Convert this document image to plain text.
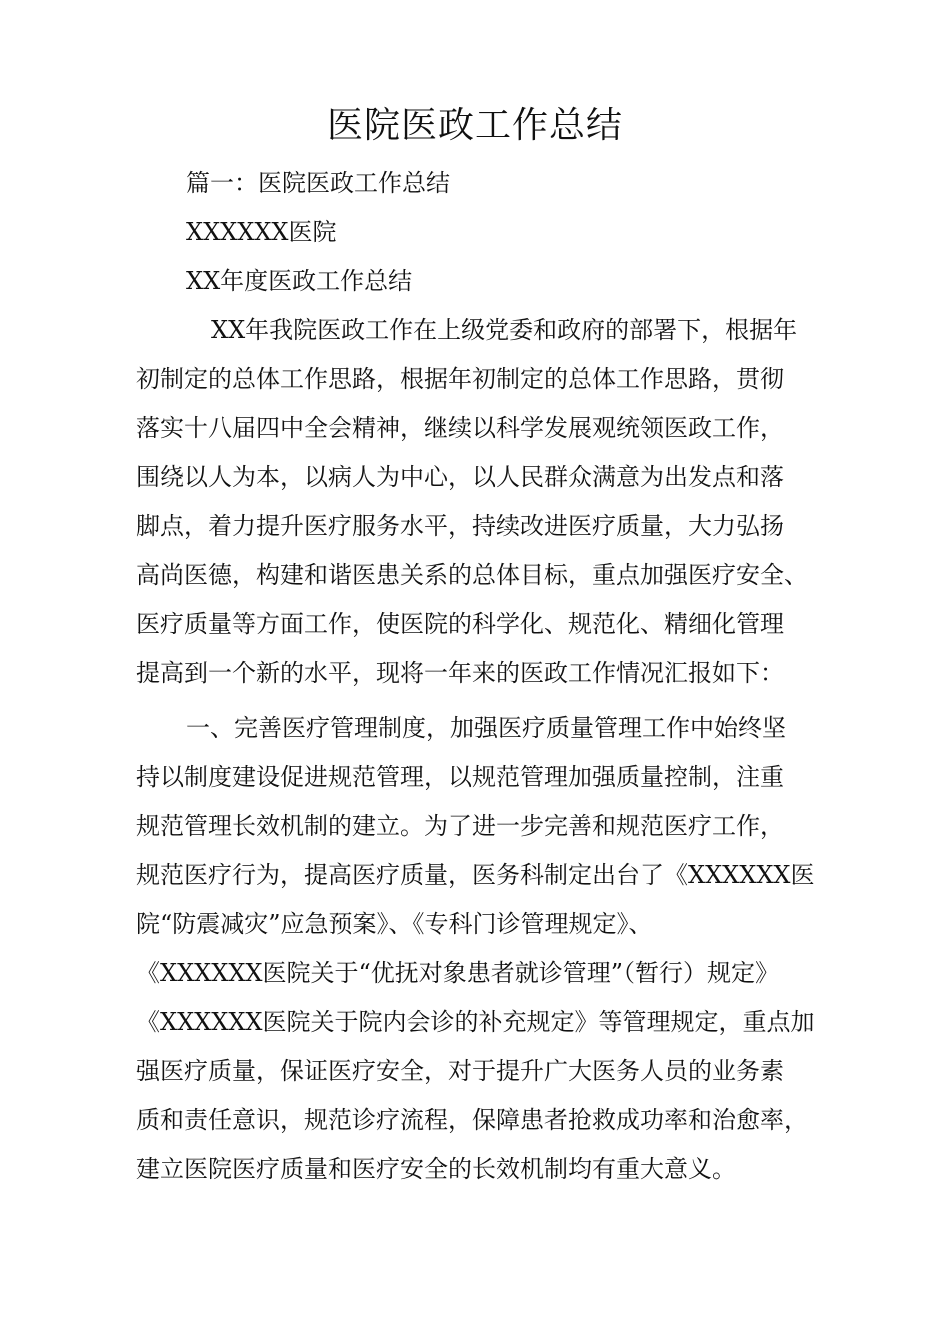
医院医政工作总结

篇一：医院医政工作总结

XXXXXX医院

XX年度医政工作总结

XX年我院医政工作在上级党委和政府的部署下，根据年
初制定的总体工作思路，根据年初制定的总体工作思路，贯彻
落实十八届四中全会精神，继续以科学发展观统领医政工作，
围绕以人为本，以病人为中心，以人民群众满意为出发点和落
脚点，着力提升医疗服务水平，持续改进医疗质量，大力弘扬
高尚医德，构建和谐医患关系的总体目标，重点加强医疗安全、
医疗质量等方面工作，使医院的科学化、规范化、精细化管理
提高到一个新的水平，现将一年来的医政工作情况汇报如下：
一、完善医疗管理制度，加强医疗质量管理工作中始终坚
持以制度建设促进规范管理，以规范管理加强质量控制，注重
规范管理长效机制的建立。为了进一步完善和规范医疗工作，
规范医疗行为，提高医疗质量，医务科制定出台了《XXXXXX医
院“防震减灾”应急预案》、《专科门诊管理规定》、
《XXXXXX医院关于“优抚对象患者就诊管理”（暂行）规定》
《XXXXXX医院关于院内会诊的补充规定》等管理规定，重点加
强医疗质量，保证医疗安全，对于提升广大医务人员的业务素
质和责任意识，规范诊疗流程，保障患者抢救成功率和治愈率，
建立医院医疗质量和医疗安全的长效机制均有重大意义。
